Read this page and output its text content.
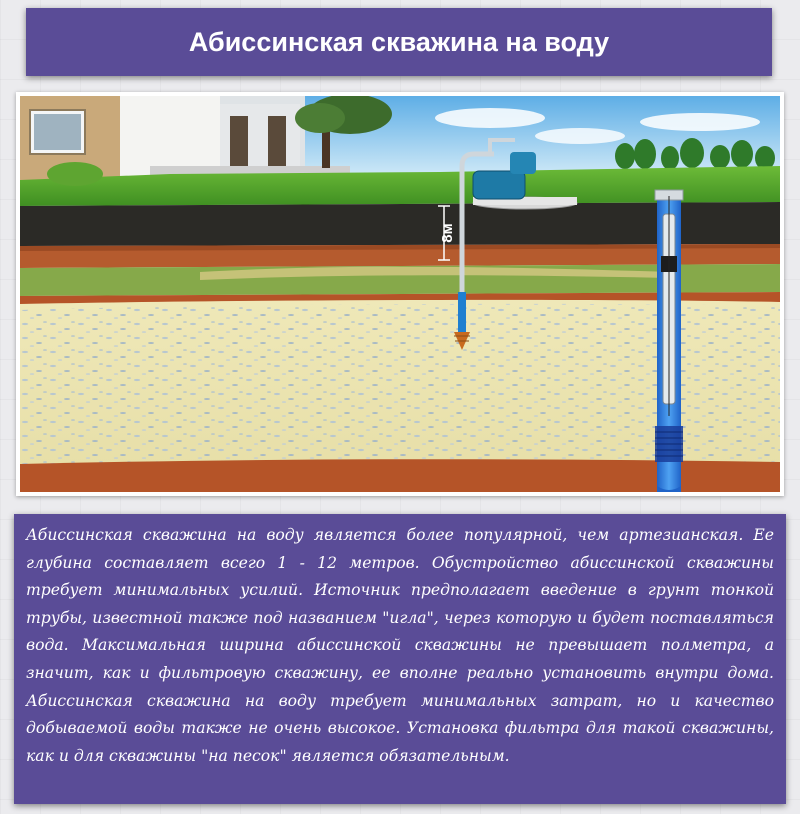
Абиссинская скважина на воду
8м

Абиссинская скважина на воду является более популярной, чем артезианская. Ее глубина составляет всего 1 - 12 метров. Обустройство абиссинской скважины требует минимальных усилий. Источник предполагает введение в грунт тонкой трубы, известной также под названием "игла", через которую и будет поставляться вода. Максимальная ширина абиссинской скважины не превышает полметра, а значит, как и фильтровую скважину, ее вполне реально установить внутри дома. Абиссинская скважина на воду требует минимальных затрат, но и качество добываемой воды также не очень высокое. Установка фильтра для такой скважины, как и для скважины "на песок" является обязательным.
